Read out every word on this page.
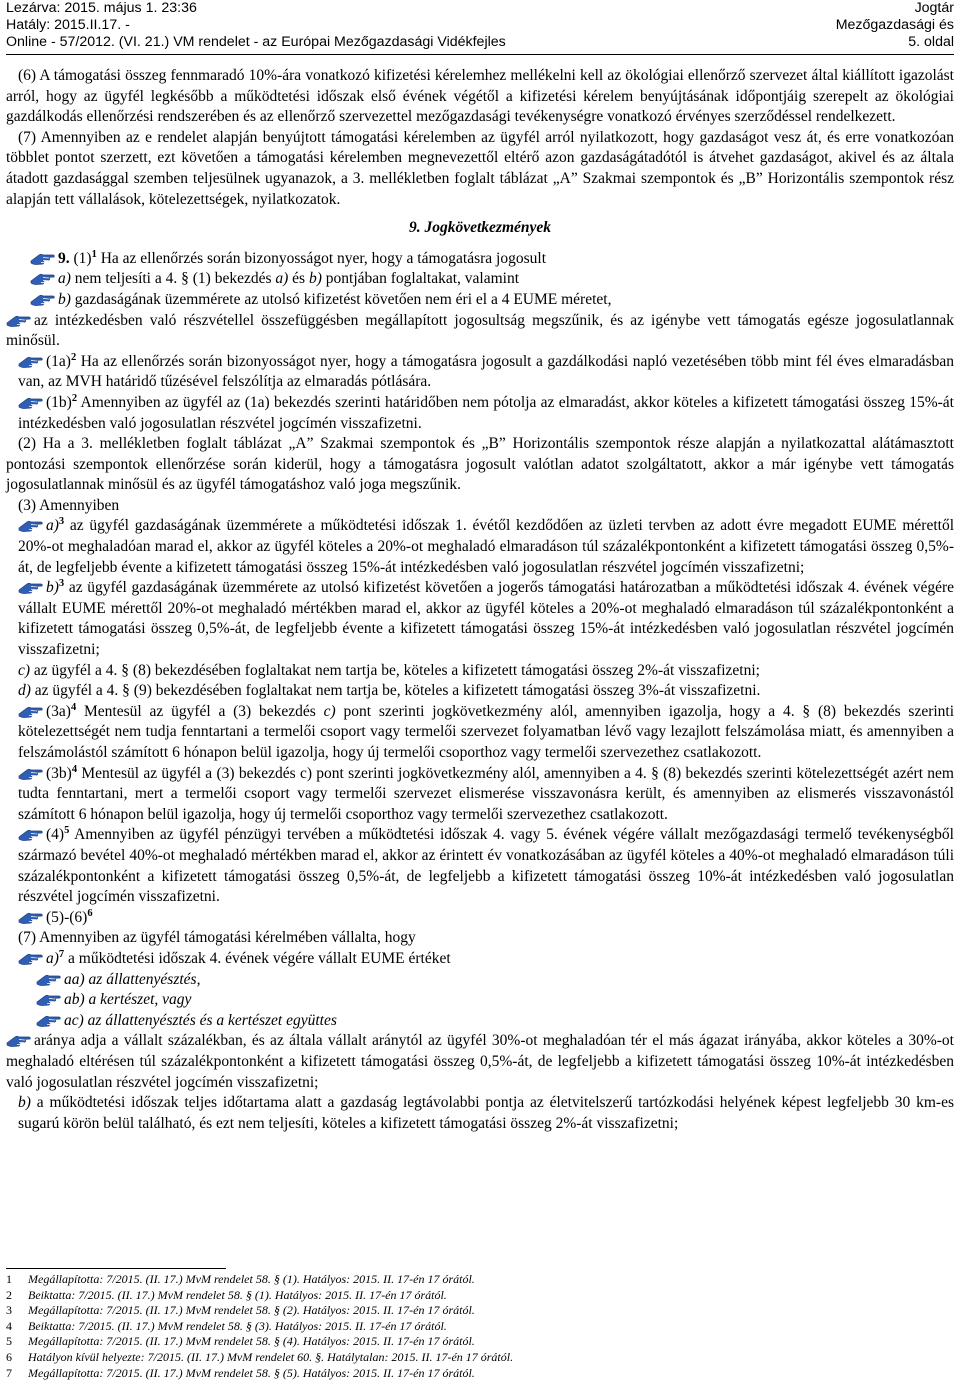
Lezárva: 2015. május 1. 23:36
Hatály: 2015.II.17. -
Online - 57/2012. (VI. 21.) VM rendelet - az Európai Mezőgazdasági Vidékfejles
Jogtár
Mezőgazdasági és
5. oldal

(6) A támogatási összeg fennmaradó 10%-ára vonatkozó kifizetési kérelemhez mellékelni kell az ökológiai ellenőrző szervezet által kiállított igazolást arról, hogy az ügyfél legkésőbb a működtetési időszak első évének végétől a kifizetési kérelem benyújtásának időpontjáig szerepelt az ökológiai gazdálkodás ellenőrzési rendszerében és az ellenőrző szervezettel mezőgazdasági tevékenységre vonatkozó érvényes szerződéssel rendelkezett.

(7) Amennyiben az e rendelet alapján benyújtott támogatási kérelemben az ügyfél arról nyilatkozott, hogy gazdaságot vesz át, és erre vonatkozóan többlet pontot szerzett, ezt követően a támogatási kérelemben megnevezettől eltérő azon gazdaságátadótól is átvehet gazdaságot, akivel és az általa átadott gazdasággal szemben teljesülnek ugyanazok, a 3. mellékletben foglalt táblázat „A” Szakmai szempontok és „B” Horizontális szempontok rész alapján tett vállalások, kötelezettségek, nyilatkozatok.

9. Jogkövetkezmények

9. $(1)^1$ Ha az ellenőrzés során bizonyosságot nyer, hogy a támogatásra jogosult

a) nem teljesíti a 4. § (1) bekezdés a) és b) pontjában foglaltakat, valamint

b) gazdaságának üzemmérete az utolsó kifizetést követően nem éri el a 4 EUME méretet,

az intézkedésben való részvétellel összefüggésben megállapított jogosultság megszűnik, és az igénybe vett támogatás egésze jogosulatlannak minősül.

$(1a)^2$ Ha az ellenőrzés során bizonyosságot nyer, hogy a támogatásra jogosult a gazdálkodási napló vezetésében több mint fél éves elmaradásban van, az MVH határidő tűzésével felszólítja az elmaradás pótlására.

$(1b)^2$ Amennyiben az ügyfél az (1a) bekezdés szerinti határidőben nem pótolja az elmaradást, akkor köteles a kifizetett támogatási összeg 15%-át intézkedésben való jogosulatlan részvétel jogcímén visszafizetni.

(2) Ha a 3. mellékletben foglalt táblázat „A” Szakmai szempontok és „B” Horizontális szempontok része alapján a nyilatkozattal alátámasztott pontozási szempontok ellenőrzése során kiderül, hogy a támogatásra jogosult valótlan adatot szolgáltatott, akkor a már igénybe vett támogatás jogosulatlannak minősül és az ügyfél támogatáshoz való joga megszűnik.

(3) Amennyiben

a)$^3$ az ügyfél gazdaságának üzemmérete a működtetési időszak 1. évétől kezdődően az üzleti tervben az adott évre megadott EUME mérettől 20%-ot meghaladóan marad el, akkor az ügyfél köteles a 20%-ot meghaladó elmaradáson túl százalékpontonként a kifizetett támogatási összeg 0,5%-át, de legfeljebb évente a kifizetett támogatási összeg 15%-át intézkedésben való jogosulatlan részvétel jogcímén visszafizetni;

b)$^3$ az ügyfél gazdaságának üzemmérete az utolsó kifizetést követően a jogerős támogatási határozatban a működtetési időszak 4. évének végére vállalt EUME mérettől 20%-ot meghaladó mértékben marad el, akkor az ügyfél köteles a 20%-ot meghaladó elmaradáson túl százalékpontonként a kifizetett támogatási összeg 0,5%-át, de legfeljebb évente a kifizetett támogatási összeg 15%-át intézkedésben való jogosulatlan részvétel jogcímén visszafizetni;

c) az ügyfél a 4. § (8) bekezdésében foglaltakat nem tartja be, köteles a kifizetett támogatási összeg 2%-át visszafizetni;

d) az ügyfél a 4. § (9) bekezdésében foglaltakat nem tartja be, köteles a kifizetett támogatási összeg 3%-át visszafizetni.

$(3a)^4$ Mentesül az ügyfél a (3) bekezdés c) pont szerinti jogkövetkezmény alól, amennyiben igazolja, hogy a 4. § (8) bekezdés szerinti kötelezettségét nem tudja fenntartani a termelői csoport vagy termelői szervezet folyamatban lévő vagy lezajlott felszámolása miatt, és amennyiben a felszámolástól számított 6 hónapon belül igazolja, hogy új termelői csoporthoz vagy termelői szervezethez csatlakozott.

$(3b)^4$ Mentesül az ügyfél a (3) bekezdés c) pont szerinti jogkövetkezmény alól, amennyiben a 4. § (8) bekezdés szerinti kötelezettségét azért nem tudta fenntartani, mert a termelői csoport vagy termelői szervezet elismerése visszavonásra került, és amennyiben az elismerés visszavonástól számított 6 hónapon belül igazolja, hogy új termelői csoporthoz vagy termelői szervezethez csatlakozott.

$(4)^5$ Amennyiben az ügyfél pénzügyi tervében a működtetési időszak 4. vagy 5. évének végére vállalt mezőgazdasági termelő tevékenységből származó bevétel 40%-ot meghaladó mértékben marad el, akkor az érintett év vonatkozásában az ügyfél köteles a 40%-ot meghaladó elmaradáson túli százalékpontonként a kifizetett támogatási összeg 0,5%-át, de legfeljebb a kifizetett támogatási összeg 10%-át intézkedésben való jogosulatlan részvétel jogcímén visszafizetni.

$(5)-(6)^6$

(7) Amennyiben az ügyfél támogatási kérelmében vállalta, hogy

a)$^7$ a működtetési időszak 4. évének végére vállalt EUME értéket

aa) az állattenyésztés,

ab) a kertészet, vagy

ac) az állattenyésztés és a kertészet együttes

aránya adja a vállalt százalékban, és az általa vállalt aránytól az ügyfél 30%-ot meghaladóan tér el más ágazat irányába, akkor köteles a 30%-ot meghaladó eltérésen túl százalékpontonként a kifizetett támogatási összeg 0,5%-át, de legfeljebb a kifizetett támogatási összeg 10%-át intézkedésben való jogosulatlan részvétel jogcímén visszafizetni;

b) a működtetési időszak teljes időtartama alatt a gazdaság legtávolabbi pontja az életvitelszerű tartózkodási helyének képest legfeljebb 30 km-es sugarú körön belül található, és ezt nem teljesíti, köteles a kifizetett támogatási összeg 2%-át visszafizetni;

1	Megállapította: 7/2015. (II. 17.) MvM rendelet 58. § (1). Hatályos: 2015. II. 17-én 17 órától.
2	Beiktatta: 7/2015. (II. 17.) MvM rendelet 58. § (1). Hatályos: 2015. II. 17-én 17 órától.
3	Megállapította: 7/2015. (II. 17.) MvM rendelet 58. § (2). Hatályos: 2015. II. 17-én 17 órától.
4	Beiktatta: 7/2015. (II. 17.) MvM rendelet 58. § (3). Hatályos: 2015. II. 17-én 17 órától.
5	Megállapította: 7/2015. (II. 17.) MvM rendelet 58. § (4). Hatályos: 2015. II. 17-én 17 órától.
6	Hatályon kívül helyezte: 7/2015. (II. 17.) MvM rendelet 60. §. Hatálytalan: 2015. II. 17-én 17 órától.
7	Megállapította: 7/2015. (II. 17.) MvM rendelet 58. § (5). Hatályos: 2015. II. 17-én 17 órától.
